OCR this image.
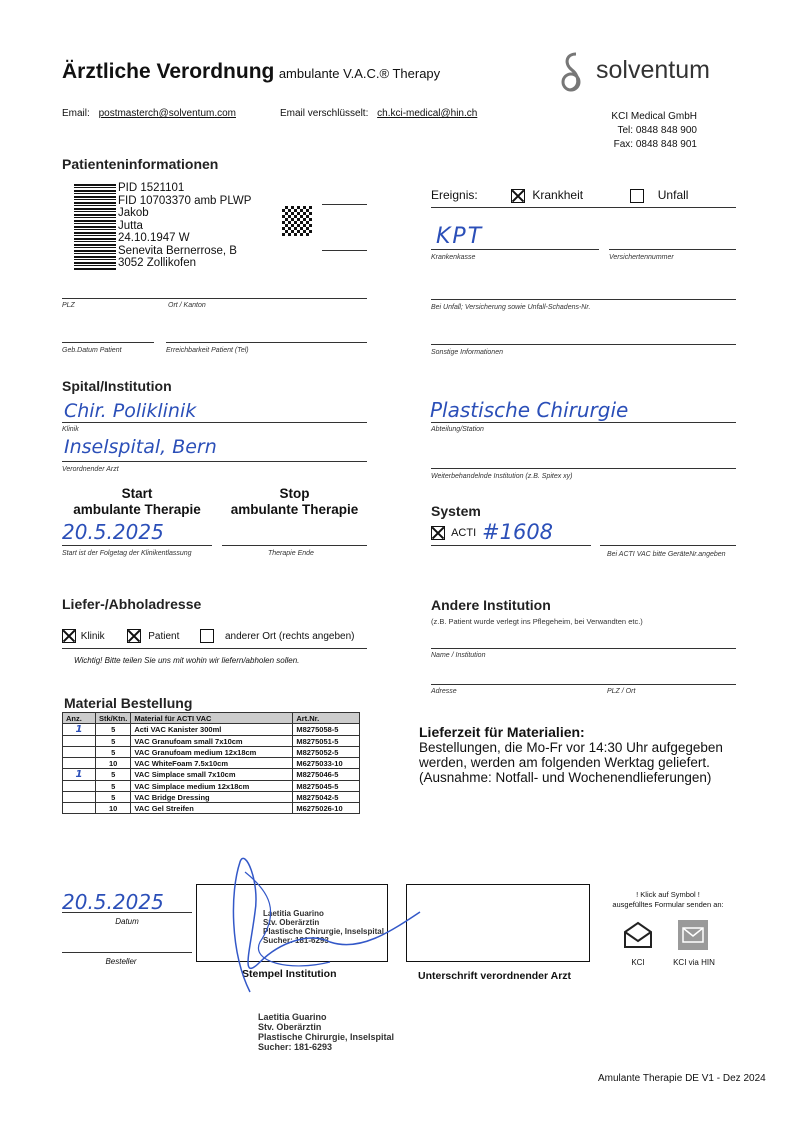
Ärztliche Verordnung ambulante V.A.C.® Therapy	solventum
Email: postmasterch@solventum.com	Email verschlüsselt: ch.kci-medical@hin.ch	KCI Medical GmbH
Tel: 0848 848 900
Fax: 0848 848 901
Patienteninformationen
PID 1521101
FID 10703370 amb PLWP
Jakob
Jutta
24.10.1947 W
Senevita Bernerrose, B
3052 Zollikofen
PLZ	Ort / Kanton
Geb.Datum Patient	Erreichbarkeit Patient (Tel)
Ereignis:	Krankheit	Unfall
KPT
Krankenkasse	Versichertennummer
Bei Unfall; Versicherung sowie Unfall-Schadens-Nr.
Sonstige Informationen
Spital/Institution
Chir. Poliklinik
Klinik
Inselspital, Bern
Verordnender Arzt
Plastische Chirurgie
Abteilung/Station
Weiterbehandelnde Institution (z.B. Spitex xy)
Start
ambulante Therapie
Stop
ambulante Therapie
20.5.2025
Start ist der Folgetag der Klinikentlassung	Therapie Ende
System
ACTI #1608
Bei ACTI VAC bitte GeräteNr.angeben
Liefer-/Abholadresse
Klinik	Patient	anderer Ort (rechts angeben)
Wichtig! Bitte teilen Sie uns mit wohin wir liefern/abholen sollen.
Andere Institution
(z.B. Patient wurde verlegt ins Pflegeheim, bei Verwandten etc.)
Name / Institution
Adresse	PLZ / Ort
Material Bestellung
Anz.	Stk/Ktn.	Material für ACTI VAC	Art.Nr.
1	5	Acti VAC Kanister 300ml	M8275058-5
	5	VAC Granufoam small 7x10cm	M8275051-5
	5	VAC Granufoam medium 12x18cm	M8275052-5
	10	VAC WhiteFoam 7.5x10cm	M6275033-10
1	5	VAC Simplace small 7x10cm	M8275046-5
	5	VAC Simplace medium 12x18cm	M8275045-5
	5	VAC Bridge Dressing	M8275042-5
	10	VAC Gel Streifen	M6275026-10
Lieferzeit für Materialien:
Bestellungen, die Mo-Fr vor 14:30 Uhr aufgegeben werden, werden am folgenden Werktag geliefert. (Ausnahme: Notfall- und Wochenendlieferungen)
20.5.2025
Datum
Besteller
Laetitia Guarino
Stv. Oberärztin
Plastische Chirurgie, Inselspital
Sucher: 181-6293
Stempel Institution	Unterschrift verordnender Arzt
Laetitia Guarino
Stv. Oberärztin
Plastische Chirurgie, Inselspital
Sucher: 181-6293
! Klick auf Symbol !
ausgefülltes Formular senden an:
KCI	KCI via HIN
Amulante Therapie DE V1 - Dez 2024
